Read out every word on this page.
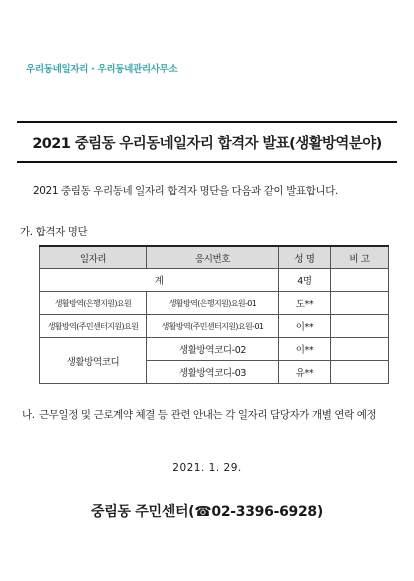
우리동네일자리 · 우리동네관리사무소
2021 중림동 우리동네일자리 합격자 발표(생활방역분야)
2021 중림동 우리동네 일자리 합격자 명단을 다음과 같이 발표합니다.
가. 합격자 명단
일자리	응시번호	성 명	비 고
계		4명	
생활방역(은행지원)요원	생활방역(은행지원)요원-01	도**	
생활방역(주민센터지원)요원	생활방역(주민센터지원)요원-01	이**	
생활방역코디	생활방역코디-02	이**	
	생활방역코디-03	유**	
나. 근무일정 및 근로계약 체결 등 관련 안내는 각 일자리 담당자가 개별 연락 예정
2021. 1. 29.
중림동 주민센터(☎02-3396-6928)
